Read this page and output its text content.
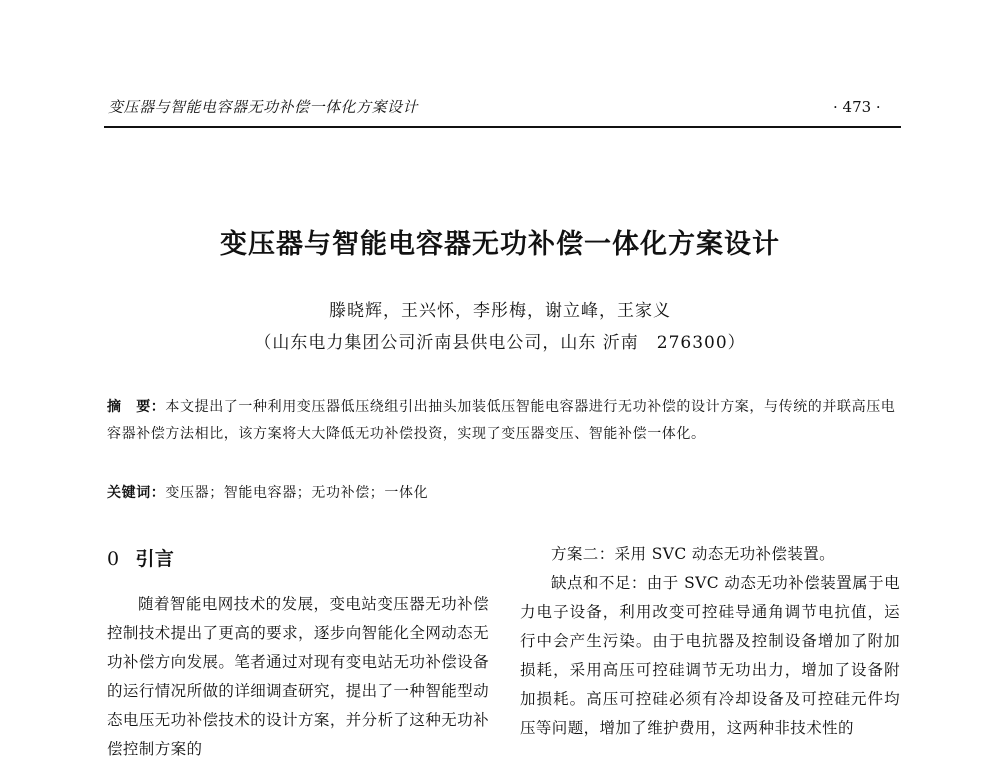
变压器与智能电容器无功补偿一体化方案设计	· 473 ·
变压器与智能电容器无功补偿一体化方案设计
滕晓辉，王兴怀，李彤梅，谢立峰，王家义
（山东电力集团公司沂南县供电公司，山东 沂南　276300）
摘　要：本文提出了一种利用变压器低压绕组引出抽头加装低压智能电容器进行无功补偿的设计方案，与传统的并联高压电容器补偿方法相比，该方案将大大降低无功补偿投资，实现了变压器变压、智能补偿一体化。
关键词：变压器；智能电容器；无功补偿；一体化
0 引言

随着智能电网技术的发展，变电站变压器无功补偿控制技术提出了更高的要求，逐步向智能化全网动态无功补偿方向发展。笔者通过对现有变电站无功补偿设备的运行情况所做的详细调查研究，提出了一种智能型动态电压无功补偿技术的设计方案，并分析了这种无功补偿控制方案的

方案二：采用 SVC 动态无功补偿装置。

缺点和不足：由于 SVC 动态无功补偿装置属于电力电子设备，利用改变可控硅导通角调节电抗值，运行中会产生污染。由于电抗器及控制设备增加了附加损耗，采用高压可控硅调节无功出力，增加了设备附加损耗。高压可控硅必须有冷却设备及可控硅元件均压等问题，增加了维护费用，这两种非技术性的
